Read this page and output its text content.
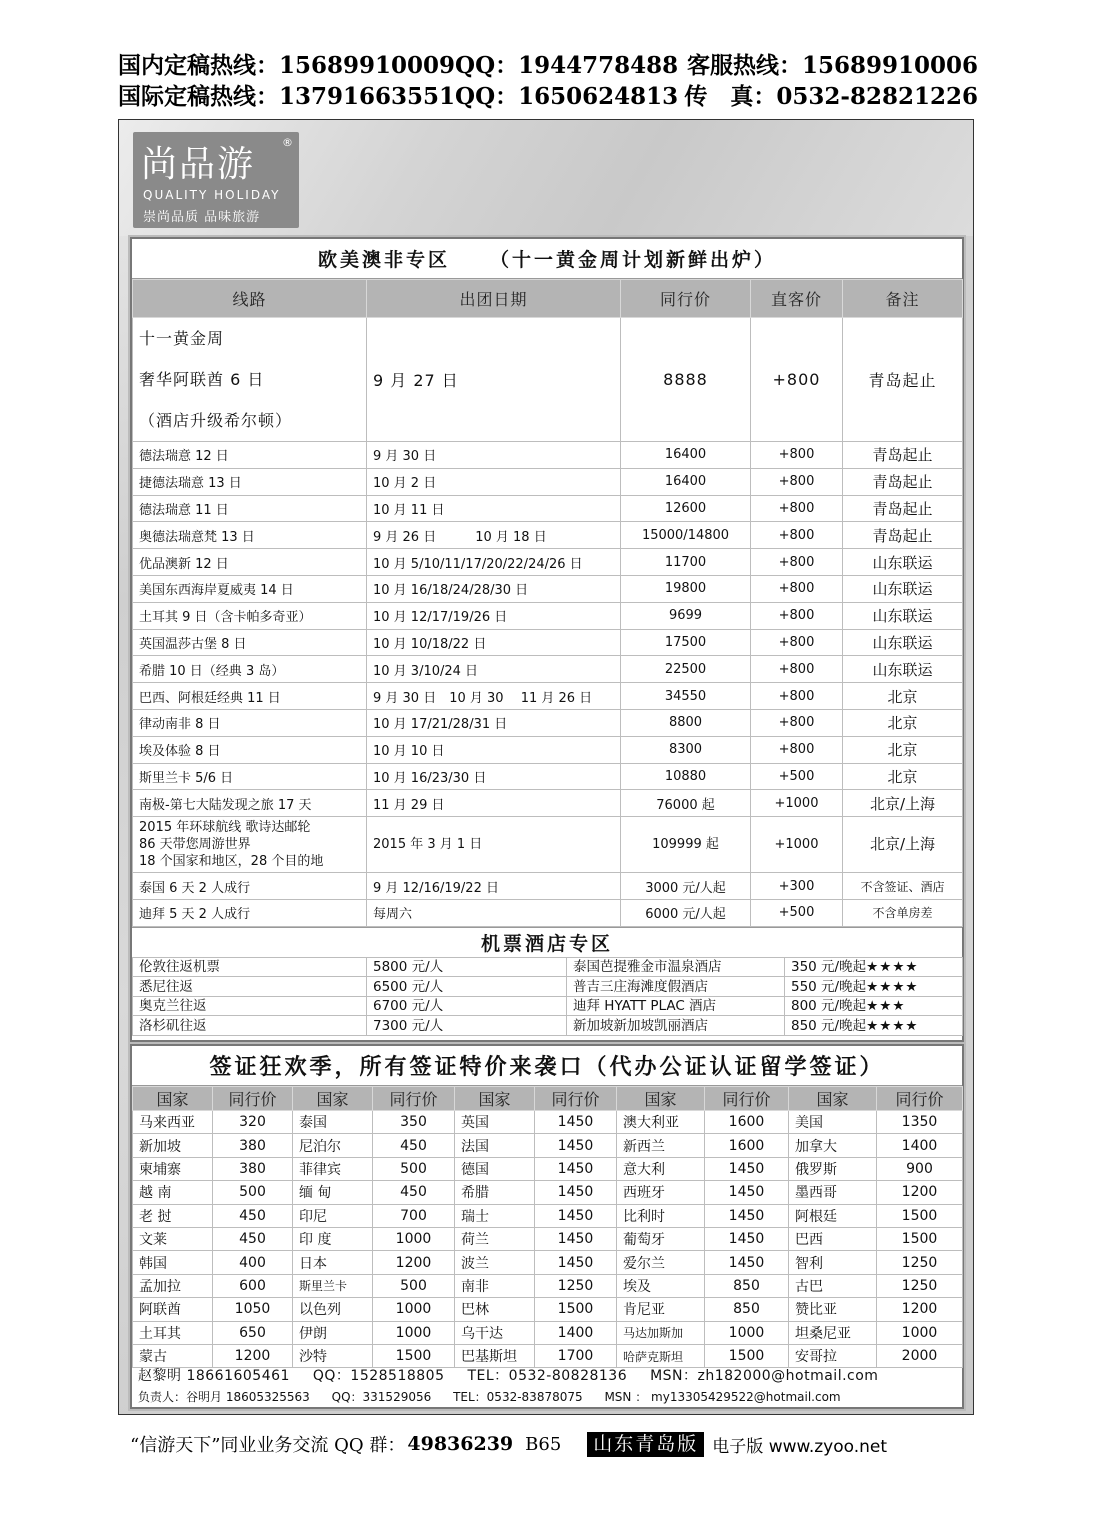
国内定稿热线：15689910009 QQ：1944778488 客服热线：15689910006
国际定稿热线：13791663551 QQ：1650624813 传　真：0532-82821226
尚品游
®
QUALITY HOLIDAY
崇尚品质 品味旅游
欧美澳非专区 （十一黄金周计划新鲜出炉）
线路	出团日期	同行价	直客价	备注

十一黄金周
奢华阿联酋 6 日
（酒店升级希尔顿）	9 月 27 日	8888	+800	青岛起止
德法瑞意 12 日	9 月 30 日	16400	+800	青岛起止
捷德法瑞意 13 日	10 月 2 日	16400	+800	青岛起止
德法瑞意 11 日	10 月 11 日	12600	+800	青岛起止
奥德法瑞意梵 13 日	9 月 26 日　　　10 月 18 日	15000/14800	+800	青岛起止
优品澳新 12 日	10 月 5/10/11/17/20/22/24/26 日	11700	+800	山东联运
美国东西海岸夏威夷 14 日	10 月 16/18/24/28/30 日	19800	+800	山东联运
土耳其 9 日（含卡帕多奇亚）	10 月 12/17/19/26 日	9699	+800	山东联运
英国温莎古堡 8 日	10 月 10/18/22 日	17500	+800	山东联运
希腊 10 日（经典 3 岛）	10 月 3/10/24 日	22500	+800	山东联运
巴西、阿根廷经典 11 日	9 月 30 日　10 月 30　 11 月 26 日	34550	+800	北京
律动南非 8 日	10 月 17/21/28/31 日	8800	+800	北京
埃及体验 8 日	10 月 10 日	8300	+800	北京
斯里兰卡 5/6 日	10 月 16/23/30 日	10880	+500	北京
南极-第七大陆发现之旅 17 天	11 月 29 日	76000 起	+1000	北京/上海

2015 年环球航线 歌诗达邮轮
86 天带您周游世界
18 个国家和地区，28 个目的地	2015 年 3 月 1 日	109999 起	+1000	北京/上海
泰国 6 天 2 人成行	9 月 12/16/19/22 日	3000 元/人起	+300	不含签证、酒店
迪拜 5 天 2 人成行	每周六	6000 元/人起	+500	不含单房差
机票酒店专区
伦敦往返机票	5800 元/人	泰国芭提雅金市温泉酒店	350 元/晚起★★★★
悉尼往返	6500 元/人	普吉三庄海滩度假酒店	550 元/晚起★★★★
奥克兰往返	6700 元/人	迪拜 HYATT PLAC 酒店	800 元/晚起★★★
洛杉矶往返	7300 元/人	新加坡新加坡凯丽酒店	850 元/晚起★★★★
签证狂欢季，所有签证特价来袭口（代办公证认证留学签证）
国家	同行价	国家	同行价	国家	同行价	国家	同行价	国家	同行价
马来西亚	320	泰国	350	英国	1450	澳大利亚	1600	美国	1350
新加坡	380	尼泊尔	450	法国	1450	新西兰	1600	加拿大	1400
柬埔寨	380	菲律宾	500	德国	1450	意大利	1450	俄罗斯	900
越 南	500	缅 甸	450	希腊	1450	西班牙	1450	墨西哥	1200
老 挝	450	印尼	700	瑞士	1450	比利时	1450	阿根廷	1500
文莱	450	印 度	1000	荷兰	1450	葡萄牙	1450	巴西	1500
韩国	400	日本	1200	波兰	1450	爱尔兰	1450	智利	1250
孟加拉	600	斯里兰卡	500	南非	1250	埃及	850	古巴	1250
阿联酋	1050	以色列	1000	巴林	1500	肯尼亚	850	赞比亚	1200
土耳其	650	伊朗	1000	乌干达	1400	马达加斯加	1000	坦桑尼亚	1000
蒙古	1200	沙特	1500	巴基斯坦	1700	哈萨克斯坦	1500	安哥拉	2000
赵黎明 18661605461 QQ：1528518805 TEL：0532-80828136 MSN：zh182000@hotmail.com
负责人：谷明月 18605325563 QQ：331529056 TEL：0532-83878075 MSN ： my13305429522@hotmail.com
“信游天下”同业业务交流 QQ 群： 49836239 B65	山东青岛版 电子版 www.zyoo.net
